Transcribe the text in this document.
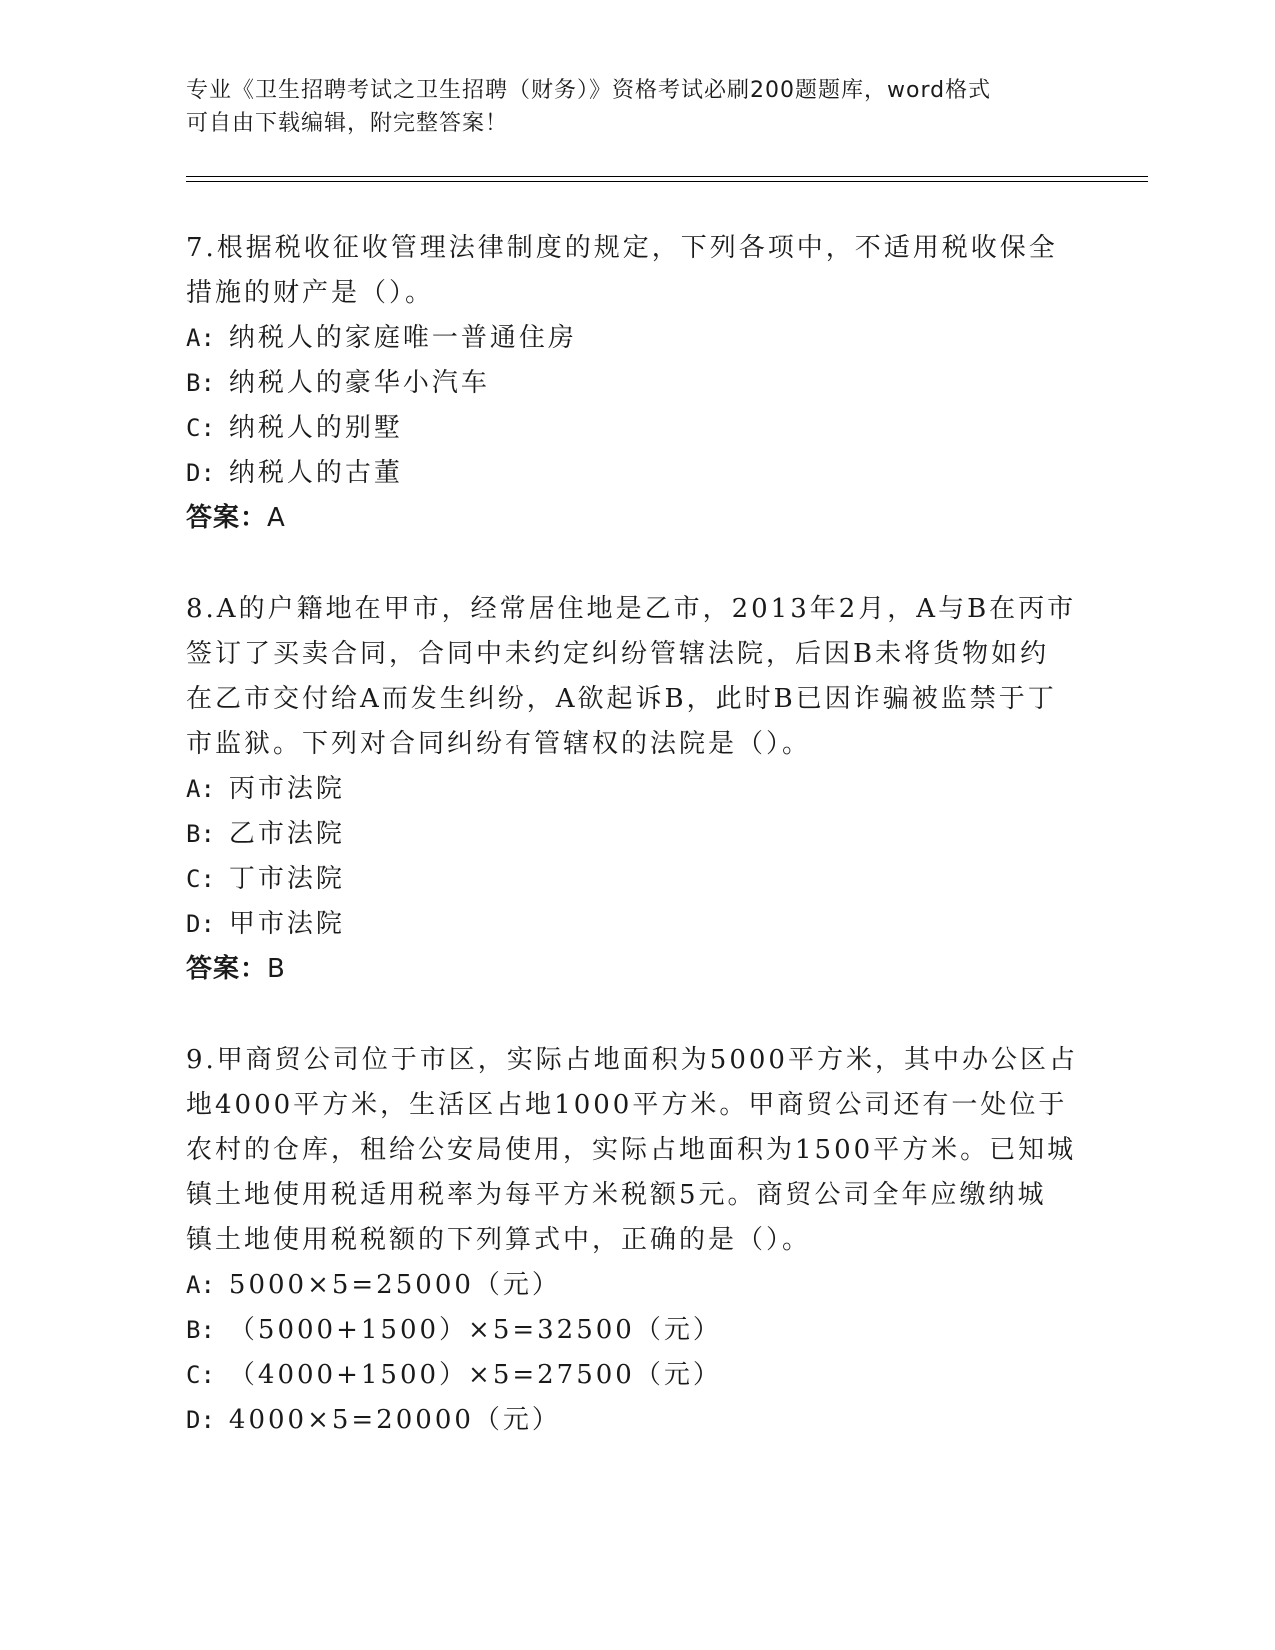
专业《卫生招聘考试之卫生招聘（财务）》资格考试必刷200题题库，word格式
可自由下载编辑，附完整答案！

7.根据税收征收管理法律制度的规定，下列各项中，不适用税收保全

措施的财产是（）。

A: 纳税人的家庭唯一普通住房

B: 纳税人的豪华小汽车

C: 纳税人的别墅

D: 纳税人的古董

答案：A

8.A的户籍地在甲市，经常居住地是乙市，2013年2月，A与B在丙市

签订了买卖合同，合同中未约定纠纷管辖法院，后因B未将货物如约

在乙市交付给A而发生纠纷，A欲起诉B，此时B已因诈骗被监禁于丁

市监狱。下列对合同纠纷有管辖权的法院是（）。

A: 丙市法院

B: 乙市法院

C: 丁市法院

D: 甲市法院

答案：B

9.甲商贸公司位于市区，实际占地面积为5000平方米，其中办公区占

地4000平方米，生活区占地1000平方米。甲商贸公司还有一处位于

农村的仓库，租给公安局使用，实际占地面积为1500平方米。已知城

镇土地使用税适用税率为每平方米税额5元。商贸公司全年应缴纳城

镇土地使用税税额的下列算式中，正确的是（）。

A: 5000×5=25000（元）

B: （5000+1500）×5=32500（元）

C: （4000+1500）×5=27500（元）

D: 4000×5=20000（元）
